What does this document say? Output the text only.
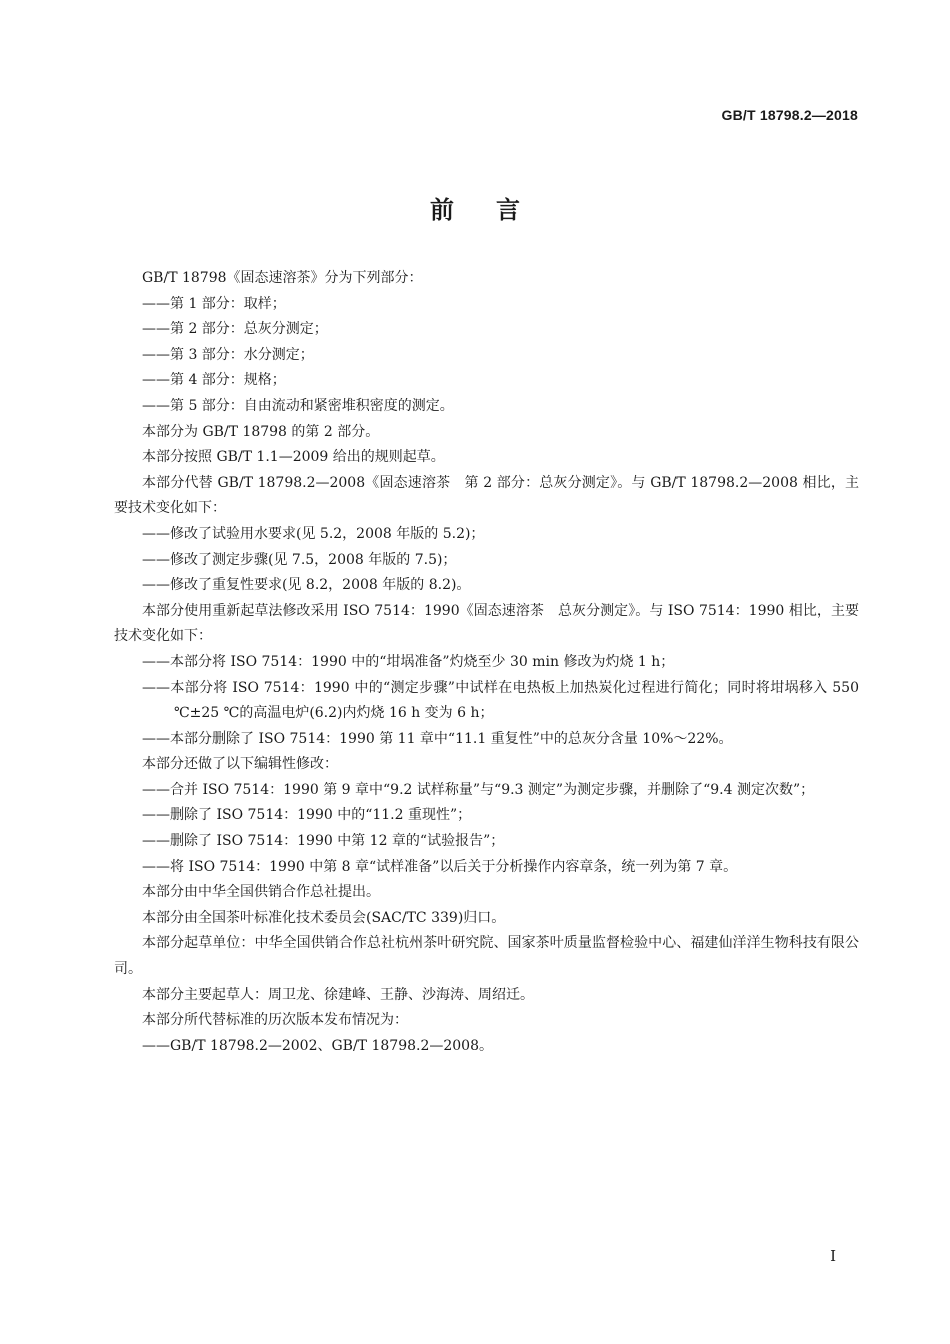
GB/T 18798.2—2018
前言

GB/T 18798《固态速溶茶》分为下列部分：

——第 1 部分：取样；

——第 2 部分：总灰分测定；

——第 3 部分：水分测定；

——第 4 部分：规格；

——第 5 部分：自由流动和紧密堆积密度的测定。

本部分为 GB/T 18798 的第 2 部分。

本部分按照 GB/T 1.1—2009 给出的规则起草。

本部分代替 GB/T 18798.2—2008《固态速溶茶　第 2 部分：总灰分测定》。与 GB/T 18798.2—2008 相比，主要技术变化如下：

——修改了试验用水要求(见 5.2，2008 年版的 5.2)；

——修改了测定步骤(见 7.5，2008 年版的 7.5)；

——修改了重复性要求(见 8.2，2008 年版的 8.2)。

本部分使用重新起草法修改采用 ISO 7514：1990《固态速溶茶　总灰分测定》。与 ISO 7514：1990 相比，主要技术变化如下：

——本部分将 ISO 7514：1990 中的“坩埚准备”灼烧至少 30 min 修改为灼烧 1 h；

——本部分将 ISO 7514：1990 中的“测定步骤”中试样在电热板上加热炭化过程进行简化；同时将坩埚移入 550 ℃±25 ℃的高温电炉(6.2)内灼烧 16 h 变为 6 h；

——本部分删除了 ISO 7514：1990 第 11 章中“11.1 重复性”中的总灰分含量 10%～22%。

本部分还做了以下编辑性修改：

——合并 ISO 7514：1990 第 9 章中“9.2 试样称量”与“9.3 测定”为测定步骤，并删除了“9.4 测定次数”；

——删除了 ISO 7514：1990 中的“11.2 重现性”；

——删除了 ISO 7514：1990 中第 12 章的“试验报告”；

——将 ISO 7514：1990 中第 8 章“试样准备”以后关于分析操作内容章条，统一列为第 7 章。

本部分由中华全国供销合作总社提出。

本部分由全国茶叶标准化技术委员会(SAC/TC 339)归口。

本部分起草单位：中华全国供销合作总社杭州茶叶研究院、国家茶叶质量监督检验中心、福建仙洋洋生物科技有限公司。

本部分主要起草人：周卫龙、徐建峰、王静、沙海涛、周绍迁。

本部分所代替标准的历次版本发布情况为：

——GB/T 18798.2—2002、GB/T 18798.2—2008。

I
